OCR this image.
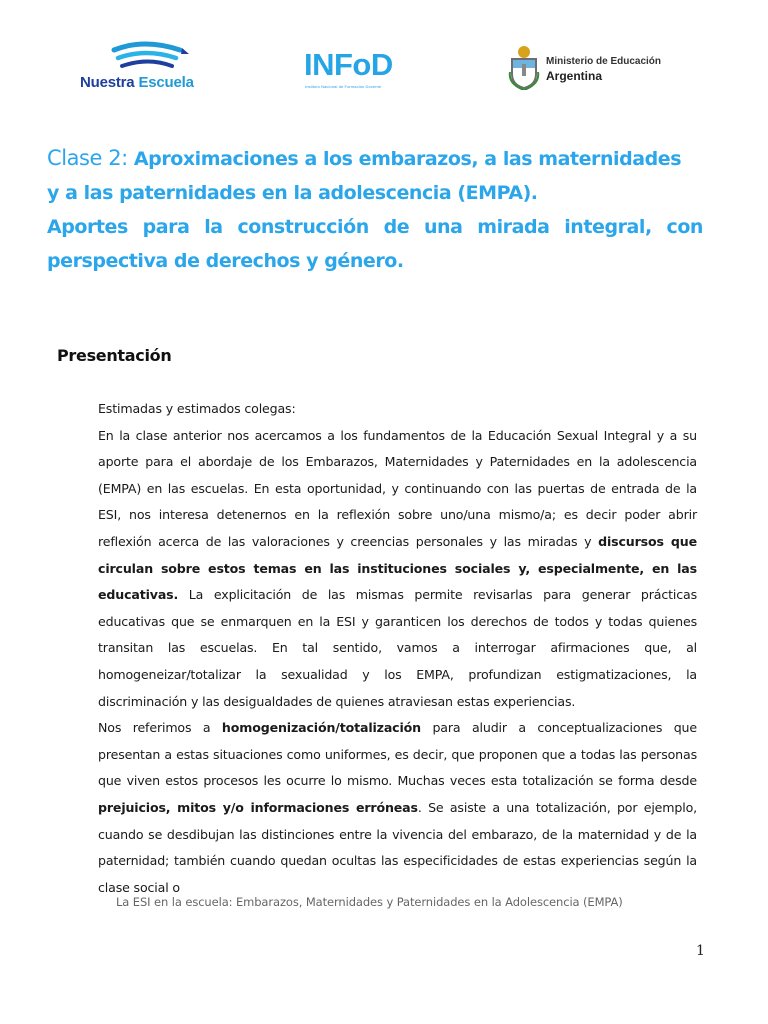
Nuestra Escuela
INFoD
Instituto Nacional de Formación Docente
Ministerio de Educación
Argentina
Clase 2: Aproximaciones a los embarazos, a las maternidades
y a las paternidades en la adolescencia (EMPA).
Aportes para la construcción de una mirada integral, con
perspectiva de derechos y género.
Presentación

Estimadas y estimados colegas:

En la clase anterior nos acercamos a los fundamentos de la Educación Sexual Integral y a su aporte para el abordaje de los Embarazos, Maternidades y Paternidades en la adolescencia (EMPA) en las escuelas. En esta oportunidad, y continuando con las puertas de entrada de la ESI, nos interesa detenernos en la reflexión sobre uno/una mismo/a; es decir poder abrir reflexión acerca de las valoraciones y creencias personales y las miradas y discursos que circulan sobre estos temas en las instituciones sociales y, especialmente, en las educativas. La explicitación de las mismas permite revisarlas para generar prácticas educativas que se enmarquen en la ESI y garanticen los derechos de todos y todas quienes transitan las escuelas. En tal sentido, vamos a interrogar afirmaciones que, al homogeneizar/totalizar la sexualidad y los EMPA, profundizan estigmatizaciones, la discriminación y las desigualdades de quienes atraviesan estas experiencias.

Nos referimos a homogenización/totalización para aludir a conceptualizaciones que presentan a estas situaciones como uniformes, es decir, que proponen que a todas las personas que viven estos procesos les ocurre lo mismo. Muchas veces esta totalización se forma desde prejuicios, mitos y/o informaciones erróneas. Se asiste a una totalización, por ejemplo, cuando se desdibujan las distinciones entre la vivencia del embarazo, de la maternidad y de la paternidad; también cuando quedan ocultas las especificidades de estas experiencias según la clase social o

La ESI en la escuela: Embarazos, Maternidades y Paternidades en la Adolescencia (EMPA)
1
